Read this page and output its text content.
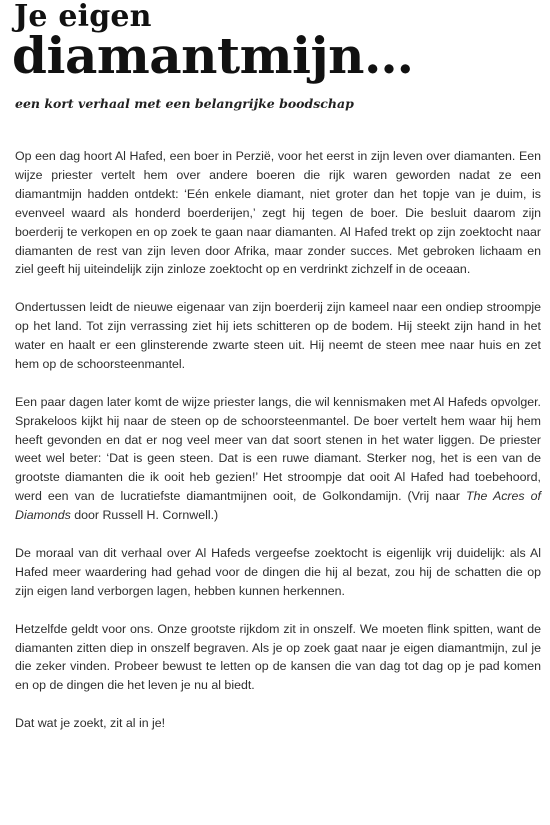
Je eigen
diamantmijn…
een kort verhaal met een belangrijke boodschap

Op een dag hoort Al Hafed, een boer in Perzië, voor het eerst in zijn leven over diamanten. Een wijze priester vertelt hem over andere boeren die rijk waren geworden nadat ze een diamantmijn hadden ontdekt: ‘Eén enkele diamant, niet groter dan het topje van je duim, is evenveel waard als honderd boerderijen,’ zegt hij tegen de boer. Die besluit daarom zijn boerderij te verkopen en op zoek te gaan naar diamanten. Al Hafed trekt op zijn zoektocht naar diamanten de rest van zijn leven door Afrika, maar zonder succes. Met gebroken lichaam en ziel geeft hij uiteindelijk zijn zinloze zoektocht op en verdrinkt zichzelf in de oceaan.

Ondertussen leidt de nieuwe eigenaar van zijn boerderij zijn kameel naar een ondiep stroompje op het land. Tot zijn verrassing ziet hij iets schitteren op de bodem. Hij steekt zijn hand in het water en haalt er een glinsterende zwarte steen uit. Hij neemt de steen mee naar huis en zet hem op de schoorsteenmantel.

Een paar dagen later komt de wijze priester langs, die wil kennismaken met Al Hafeds opvolger. Sprakeloos kijkt hij naar de steen op de schoorsteenmantel. De boer vertelt hem waar hij hem heeft gevonden en dat er nog veel meer van dat soort stenen in het water liggen. De priester weet wel beter: ‘Dat is geen steen. Dat is een ruwe diamant. Sterker nog, het is een van de grootste diamanten die ik ooit heb gezien!’ Het stroompje dat ooit Al Hafed had toebehoord, werd een van de lucratiefste diamantmijnen ooit, de Golkondamijn. (Vrij naar The Acres of Diamonds door Russell H. Cornwell.)

De moraal van dit verhaal over Al Hafeds vergeefse zoektocht is eigenlijk vrij duidelijk: als Al Hafed meer waardering had gehad voor de dingen die hij al bezat, zou hij de schatten die op zijn eigen land verborgen lagen, hebben kunnen herkennen.

Hetzelfde geldt voor ons. Onze grootste rijkdom zit in onszelf. We moeten flink spitten, want de diamanten zitten diep in onszelf begraven. Als je op zoek gaat naar je eigen diamantmijn, zul je die zeker vinden. Probeer bewust te letten op de kansen die van dag tot dag op je pad komen en op de dingen die het leven je nu al biedt.

Dat wat je zoekt, zit al in je!
